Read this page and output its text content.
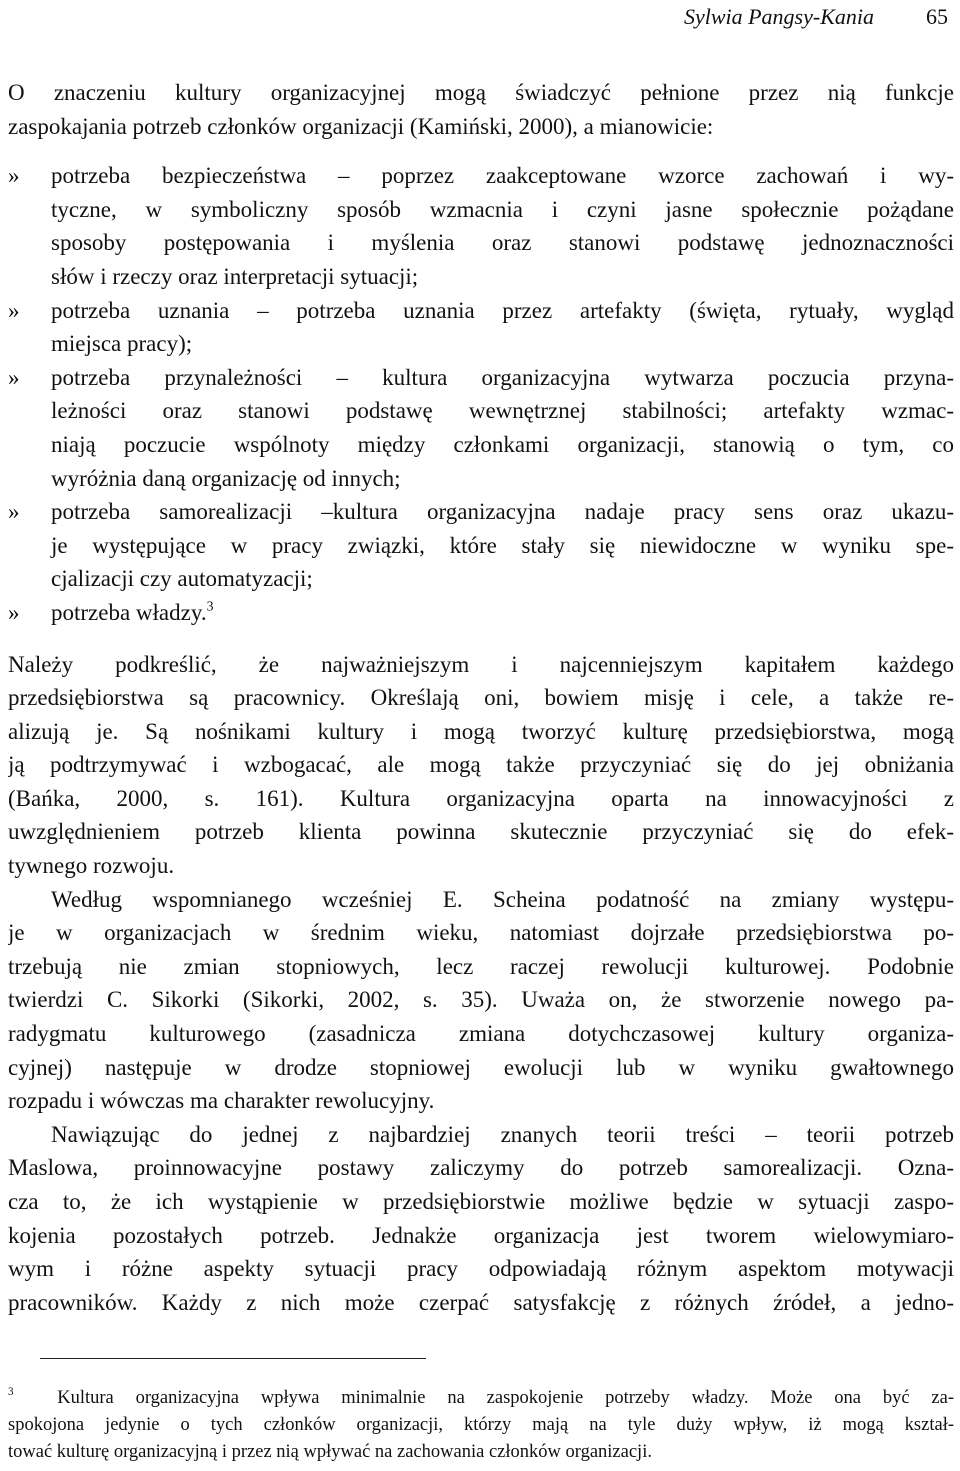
Sylwia Pangsy-Kania 65
O znaczeniu kultury organizacyjnej mogą świadczyć pełnione przez nią funkcje
zaspokajania potrzeb członków organizacji (Kamiński, 2000), a mianowicie:
»	potrzeba bezpieczeństwa – poprzez zaakceptowane wzorce zachowań i wy-
tyczne, w symboliczny sposób wzmacnia i czyni jasne społecznie pożądane
sposoby postępowania i myślenia oraz stanowi podstawę jednoznaczności
słów i rzeczy oraz interpretacji sytuacji;
»	potrzeba uznania – potrzeba uznania przez artefakty (święta, rytuały, wygląd
miejsca pracy);
»	potrzeba przynależności – kultura organizacyjna wytwarza poczucia przyna-
leżności oraz stanowi podstawę wewnętrznej stabilności; artefakty wzmac-
niają poczucie wspólnoty między członkami organizacji, stanowią o tym, co
wyróżnia daną organizację od innych;
»	potrzeba samorealizacji –kultura organizacyjna nadaje pracy sens oraz ukazu-
je występujące w pracy związki, które stały się niewidoczne w wyniku spe-
cjalizacji czy automatyzacji;
»	potrzeba władzy.$^3$
Należy podkreślić, że najważniejszym i najcenniejszym kapitałem każdego
przedsiębiorstwa są pracownicy. Określają oni, bowiem misję i cele, a także re-
alizują je. Są nośnikami kultury i mogą tworzyć kulturę przedsiębiorstwa, mogą
ją podtrzymywać i wzbogacać, ale mogą także przyczyniać się do jej obniżania
(Bańka, 2000, s. 161). Kultura organizacyjna oparta na innowacyjności z
uwzględnieniem potrzeb klienta powinna skutecznie przyczyniać się do efek-
tywnego rozwoju.
Według wspomnianego wcześniej E. Scheina podatność na zmiany występu-
je w organizacjach w średnim wieku, natomiast dojrzałe przedsiębiorstwa po-
trzebują nie zmian stopniowych, lecz raczej rewolucji kulturowej. Podobnie
twierdzi C. Sikorki (Sikorki, 2002, s. 35). Uważa on, że stworzenie nowego pa-
radygmatu kulturowego (zasadnicza zmiana dotychczasowej kultury organiza-
cyjnej) następuje w drodze stopniowej ewolucji lub w wyniku gwałtownego
rozpadu i wówczas ma charakter rewolucyjny.
Nawiązując do jednej z najbardziej znanych teorii treści – teorii potrzeb
Maslowa, proinnowacyjne postawy zaliczymy do potrzeb samorealizacji. Ozna-
cza to, że ich wystąpienie w przedsiębiorstwie możliwe będzie w sytuacji zaspo-
kojenia pozostałych potrzeb. Jednakże organizacja jest tworem wielowymiaro-
wym i różne aspekty sytuacji pracy odpowiadają różnym aspektom motywacji
pracowników. Każdy z nich może czerpać satysfakcję z różnych źródeł, a jedno-
$^3$ Kultura organizacyjna wpływa minimalnie na zaspokojenie potrzeby władzy. Może ona być za-
spokojona jedynie o tych członków organizacji, którzy mają na tyle duży wpływ, iż mogą kształ-
tować kulturę organizacyjną i przez nią wpływać na zachowania członków organizacji.
